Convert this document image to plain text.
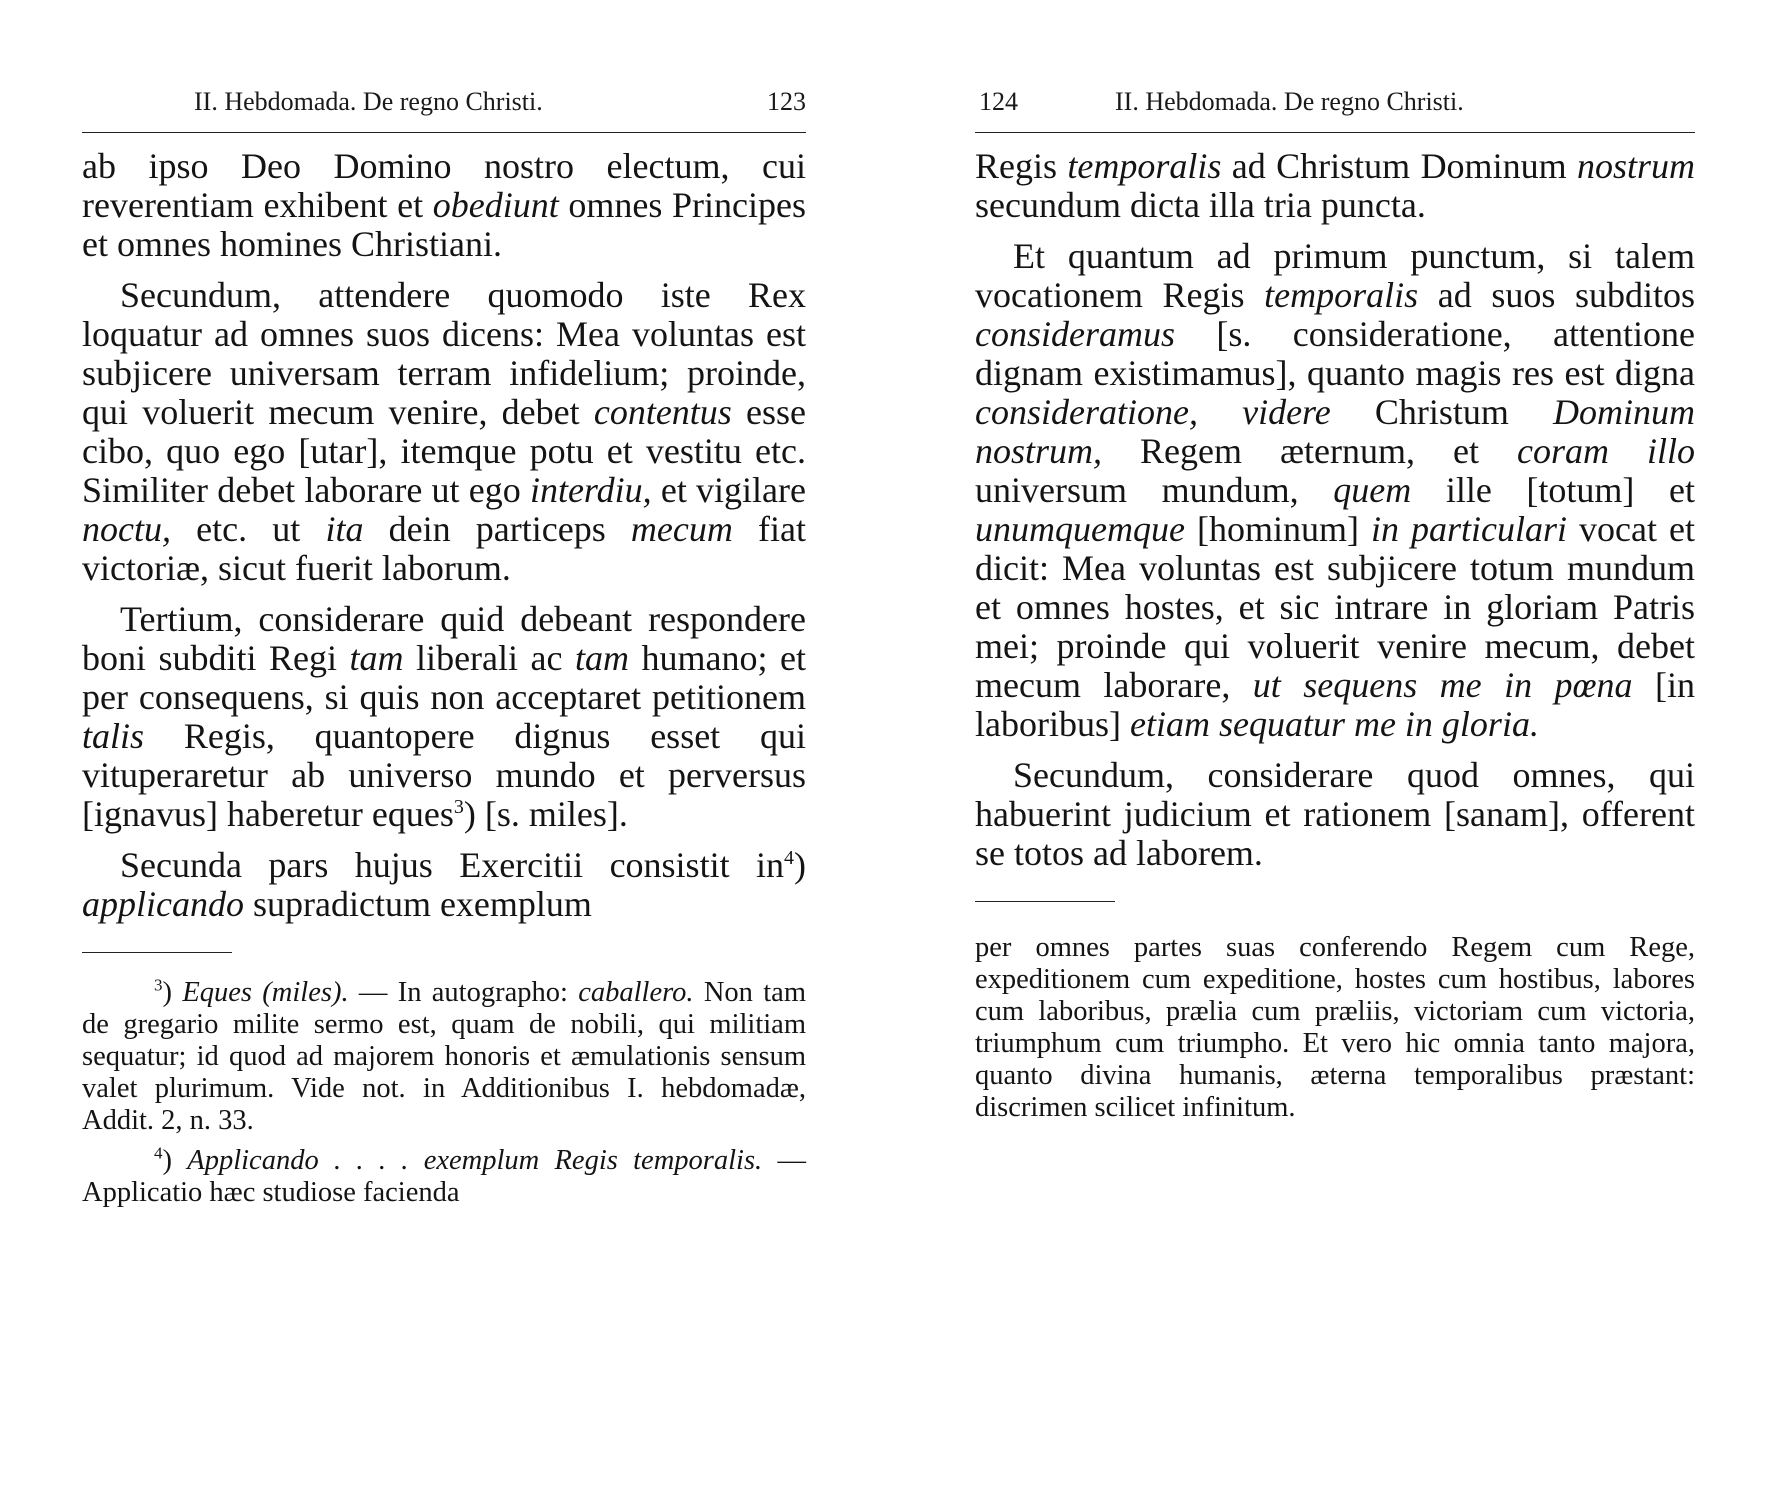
II. Hebdomada. De regno Christi.	123

ab ipso Deo Domino nostro electum, cui reverentiam exhibent et obediunt omnes Principes et omnes homines Christiani.

Secundum, attendere quomodo iste Rex loquatur ad omnes suos dicens: Mea voluntas est subjicere universam terram infidelium; proinde, qui voluerit mecum venire, debet contentus esse cibo, quo ego [utar], itemque potu et vestitu etc. Similiter debet laborare ut ego interdiu, et vigilare noctu, etc. ut ita dein particeps mecum fiat victoriæ, sicut fuerit laborum.

Tertium, considerare quid debeant respondere boni subditi Regi tam liberali ac tam humano; et per consequens, si quis non acceptaret petitionem talis Regis, quantopere dignus esset qui vituperaretur ab universo mundo et perversus [ignavus] haberetur eques$^3$) [s. miles].

Secunda pars hujus Exercitii consistit $in^4$) applicando supradictum exemplum

$^3$) Eques (miles). — In autographo: caballero. Non tam de gregario milite sermo est, quam de nobili, qui militiam sequatur; id quod ad majorem honoris et æmulationis sensum valet plurimum. Vide not. in Additionibus I. hebdomadæ, Addit. 2, n. 33.

$^4$) Applicando . . . . exemplum Regis temporalis. — Applicatio hæc studiose facienda

124	II. Hebdomada. De regno Christi.

Regis temporalis ad Christum Dominum nostrum secundum dicta illa tria puncta.

Et quantum ad primum punctum, si talem vocationem Regis temporalis ad suos subditos consideramus [s. consideratione, attentione dignam existimamus], quanto magis res est digna consideratione, videre Christum Dominum nostrum, Regem æternum, et coram illo universum mundum, quem ille [totum] et unumquemque [hominum] in particulari vocat et dicit: Mea voluntas est subjicere totum mundum et omnes hostes, et sic intrare in gloriam Patris mei; proinde qui voluerit venire mecum, debet mecum laborare, ut sequens me in pœna [in laboribus] etiam sequatur me in gloria.

Secundum, considerare quod omnes, qui habuerint judicium et rationem [sanam], offerent se totos ad laborem.

per omnes partes suas conferendo Regem cum Rege, expeditionem cum expeditione, hostes cum hostibus, labores cum laboribus, prælia cum præliis, victoriam cum victoria, triumphum cum triumpho. Et vero hic omnia tanto majora, quanto divina humanis, æterna temporalibus præstant: discrimen scilicet infinitum.
